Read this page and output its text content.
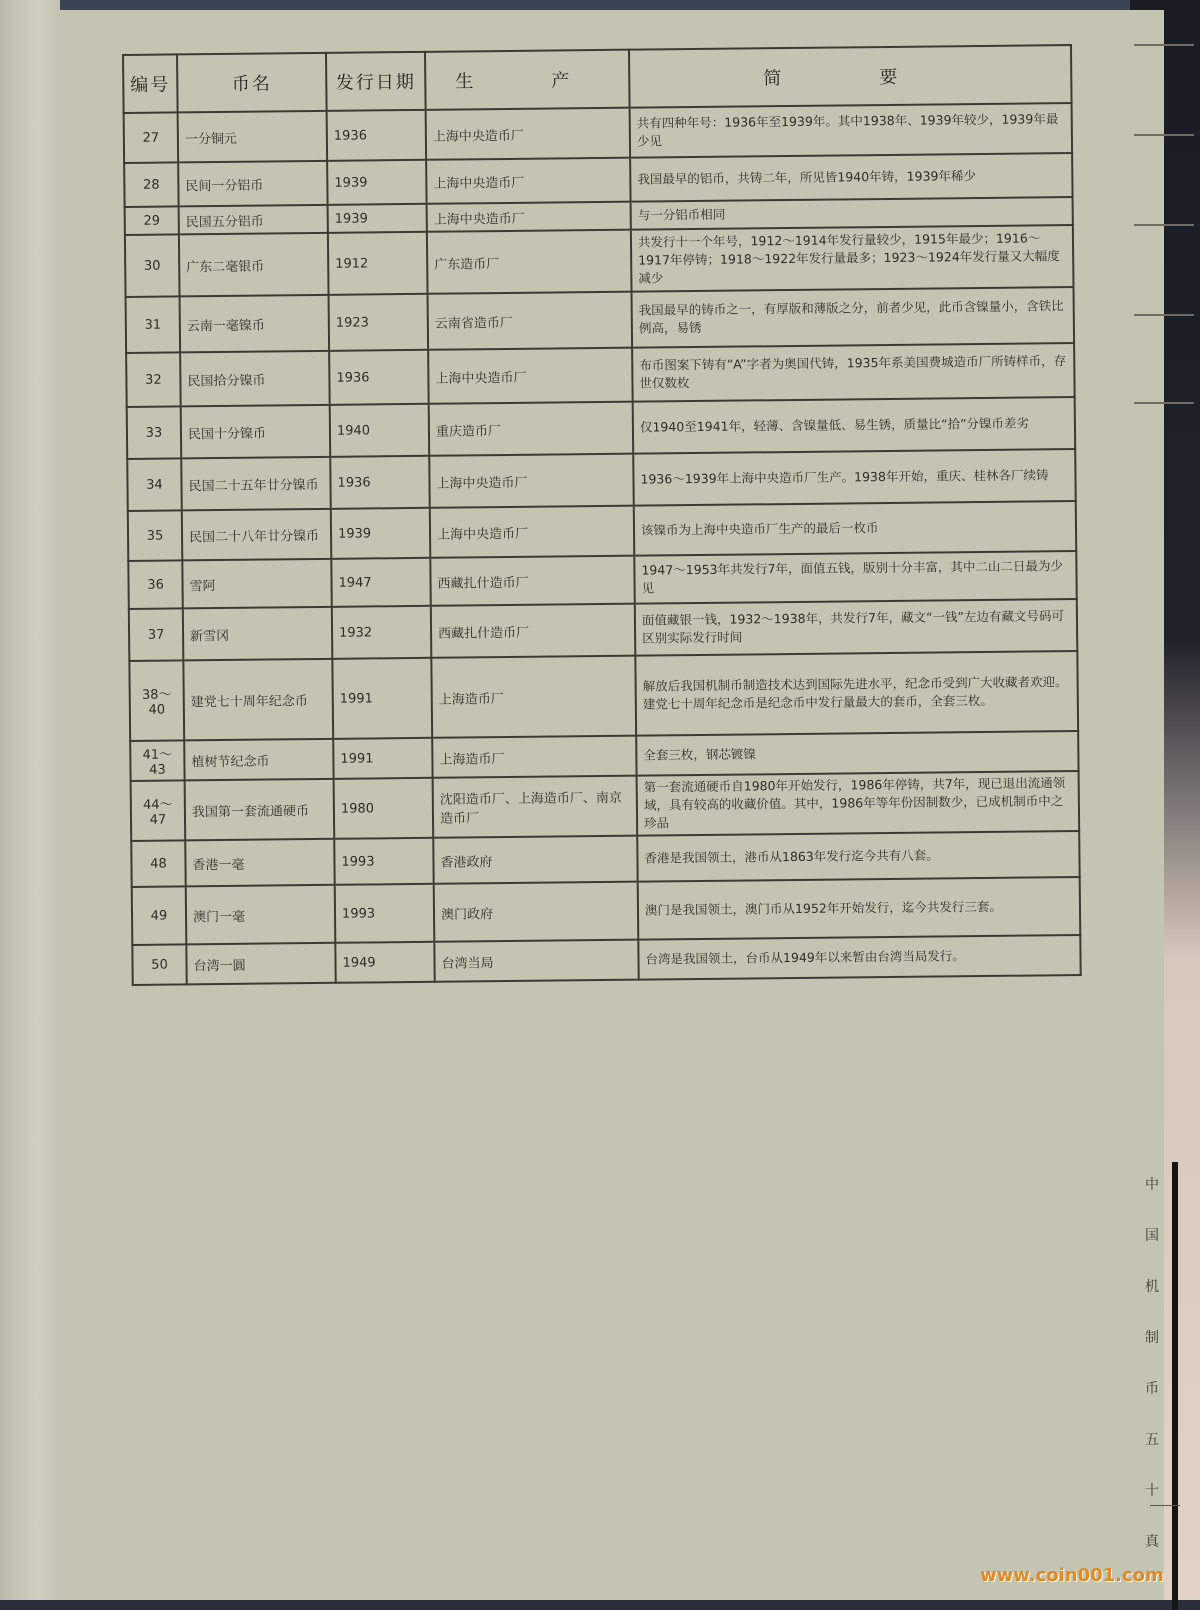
编号	币名	发行日期	生　产	简　要
27	一分铜元	1936	上海中央造币厂	共有四种年号：1936年至1939年。其中1938年、1939年较少，1939年最少见
28	民间一分铝币	1939	上海中央造币厂	我国最早的铝币，共铸二年，所见皆1940年铸，1939年稀少
29	民国五分铝币	1939	上海中央造币厂	与一分铝币相同
30	广东二毫银币	1912	广东造币厂	共发行十一个年号，1912～1914年发行量较少，1915年最少；1916～1917年停铸；1918～1922年发行量最多；1923～1924年发行量又大幅度减少
31	云南一毫镍币	1923	云南省造币厂	我国最早的铸币之一，有厚版和薄版之分，前者少见，此币含镍量小，含铁比例高，易锈
32	民国拾分镍币	1936	上海中央造币厂	布币图案下铸有“A”字者为奥国代铸，1935年系美国费城造币厂所铸样币，存世仅数枚
33	民国十分镍币	1940	重庆造币厂	仅1940至1941年，轻薄、含镍量低、易生锈，质量比“拾”分镍币差劣
34	民国二十五年廿分镍币	1936	上海中央造币厂	1936～1939年上海中央造币厂生产。1938年开始，重庆、桂林各厂续铸
35	民国二十八年廿分镍币	1939	上海中央造币厂	该镍币为上海中央造币厂生产的最后一枚币
36	雪阿	1947	西藏扎什造币厂	1947～1953年共发行7年，面值五钱，版别十分丰富，其中二山二日最为少见
37	新雪冈	1932	西藏扎什造币厂	面值藏银一钱，1932～1938年，共发行7年，藏文“一钱”左边有藏文号码可区别实际发行时间
38～40	建党七十周年纪念币	1991	上海造币厂	解放后我国机制币制造技术达到国际先进水平，纪念币受到广大收藏者欢迎。建党七十周年纪念币是纪念币中发行量最大的套币，全套三枚。
41～43	植树节纪念币	1991	上海造币厂	全套三枚，钢芯镀镍
44～47	我国第一套流通硬币	1980	沈阳造币厂、上海造币厂、南京造币厂	第一套流通硬币自1980年开始发行，1986年停铸，共7年，现已退出流通领域，具有较高的收藏价值。其中，1986年等年份因制数少，已成机制币中之珍品
48	香港一毫	1993	香港政府	香港是我国领土，港币从1863年发行迄今共有八套。
49	澳门一毫	1993	澳门政府	澳门是我国领土，澳门币从1952年开始发行，迄今共发行三套。
50	台湾一圓	1949	台湾当局	台湾是我国领土，台币从1949年以来暂由台湾当局发行。
中
国
机
制
币
五
十
真
www.coin001.com
